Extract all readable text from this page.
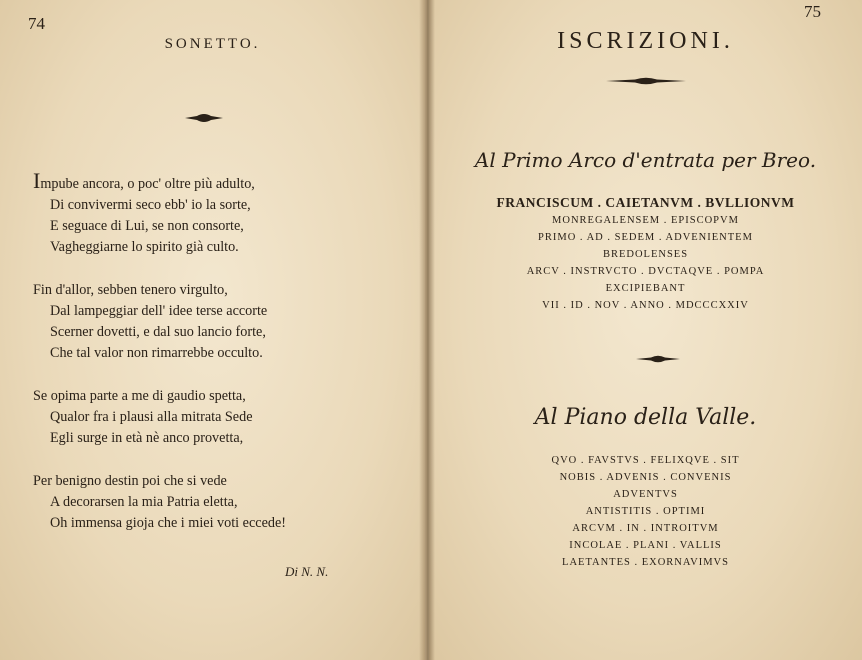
74
SONETTO.
Impube ancora, o poc' oltre più adulto,
Di convivermi seco ebb' io la sorte,
E seguace di Lui, se non consorte,
Vagheggiarne lo spirito già culto.
Fin d'allor, sebben tenero virgulto,
Dal lampeggiar dell' idee terse accorte
Scerner dovetti, e dal suo lancio forte,
Che tal valor non rimarrebbe occulto.
Se opima parte a me di gaudio spetta,
Qualor fra i plausi alla mitrata Sede
Egli surge in età nè anco provetta,
Per benigno destin poi che si vede
A decorarsen la mia Patria eletta,
Oh immensa gioja che i miei voti eccede!
Di N. N.
75
ISCRIZIONI.
Al Primo Arco d'entrata per Breo.
FRANCISCUM . CAIETANVM . BVLLIONVM
MONREGALENSEM . EPISCOPVM
PRIMO . AD . SEDEM . ADVENIENTEM
BREDOLENSES
ARCV . INSTRVCTO . DVCTAQVE . POMPA
EXCIPIEBANT
VII . ID . NOV . ANNO . MDCCCXXIV
Al Piano della Valle.
QVO . FAVSTVS . FELIXQVE . SIT
NOBIS . ADVENIS . CONVENIS
ADVENTVS
ANTISTITIS . OPTIMI
ARCVM . IN . INTROITVM
INCOLAE . PLANI . VALLIS
LAETANTES . EXORNAVIMVS
